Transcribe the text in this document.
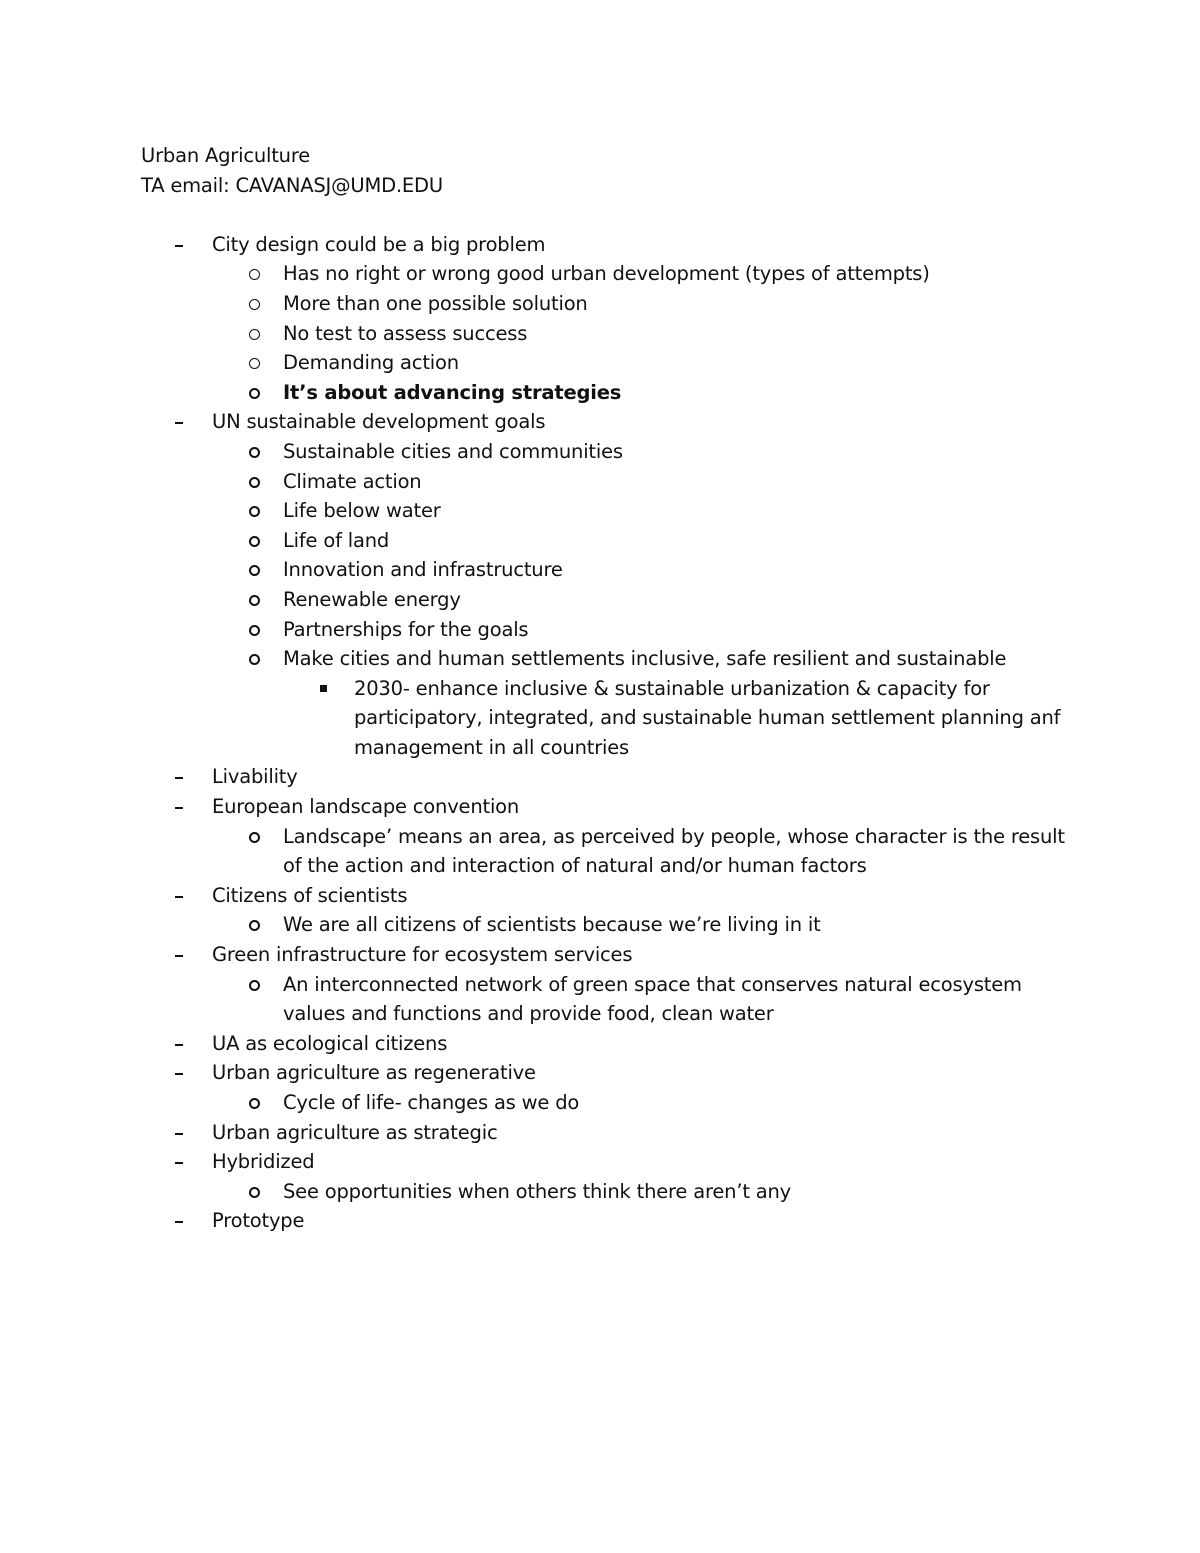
Urban Agriculture
TA email: CAVANASJ@UMD.EDU
City design could be a big problem
Has no right or wrong good urban development (types of attempts)
More than one possible solution
No test to assess success
Demanding action
It’s about advancing strategies
UN sustainable development goals
Sustainable cities and communities
Climate action
Life below water
Life of land
Innovation and infrastructure
Renewable energy
Partnerships for the goals
Make cities and human settlements inclusive, safe resilient and sustainable
2030- enhance inclusive & sustainable urbanization & capacity for participatory, integrated, and sustainable human settlement planning anf management in all countries
Livability
European landscape convention
Landscape’ means an area, as perceived by people, whose character is the result of the action and interaction of natural and/or human factors
Citizens of scientists
We are all citizens of scientists because we’re living in it
Green infrastructure for ecosystem services
An interconnected network of green space that conserves natural ecosystem values and functions and provide food, clean water
UA as ecological citizens
Urban agriculture as regenerative
Cycle of life- changes as we do
Urban agriculture as strategic
Hybridized
See opportunities when others think there aren’t any
Prototype
